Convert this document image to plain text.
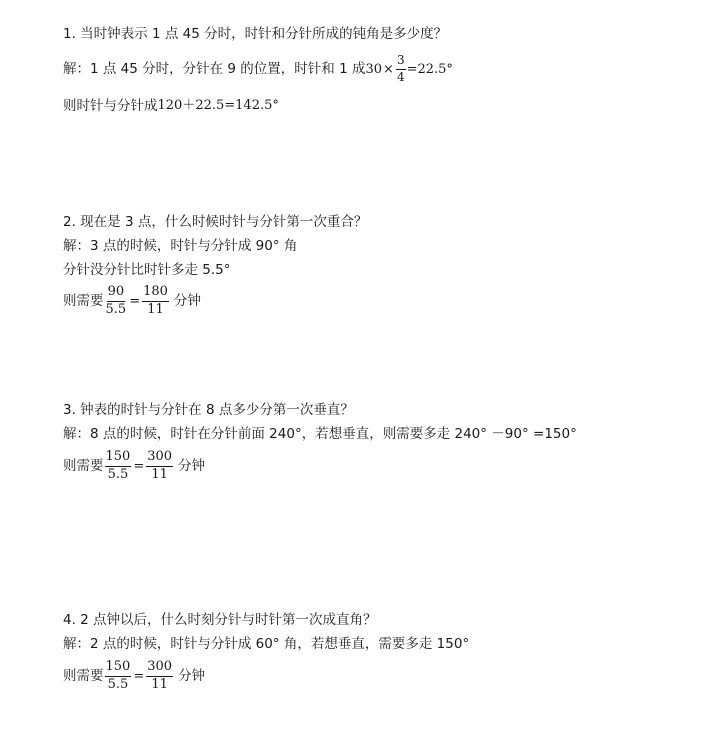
1. 当时钟表示 1 点 45 分时，时针和分针所成的钝角是多少度？
解：1 点 45 分时，分针在 9 的位置，时针和 1 成 $30 \times \frac{3}{4} =22.5^\circ$
则时针与分针成 120＋22.5=142.5°
2. 现在是 3 点，什么时候时针与分针第一次重合？
解：3 点的时候，时针与分针成 90° 角
分针没分针比时针多走 5.5°
则需要 $\frac{90}{5.5} = \frac{180}{11}$ 分钟
3. 钟表的时针与分针在 8 点多少分第一次垂直？
解：8 点的时候，时针在分针前面 240°，若想垂直，则需要多走 240° －90° =150°
则需要 $\frac{150}{5.5} = \frac{300}{11}$ 分钟
4. 2 点钟以后，什么时刻分针与时针第一次成直角？
解：2 点的时候，时针与分针成 60° 角，若想垂直，需要多走 150°
则需要 $\frac{150}{5.5} = \frac{300}{11}$ 分钟
